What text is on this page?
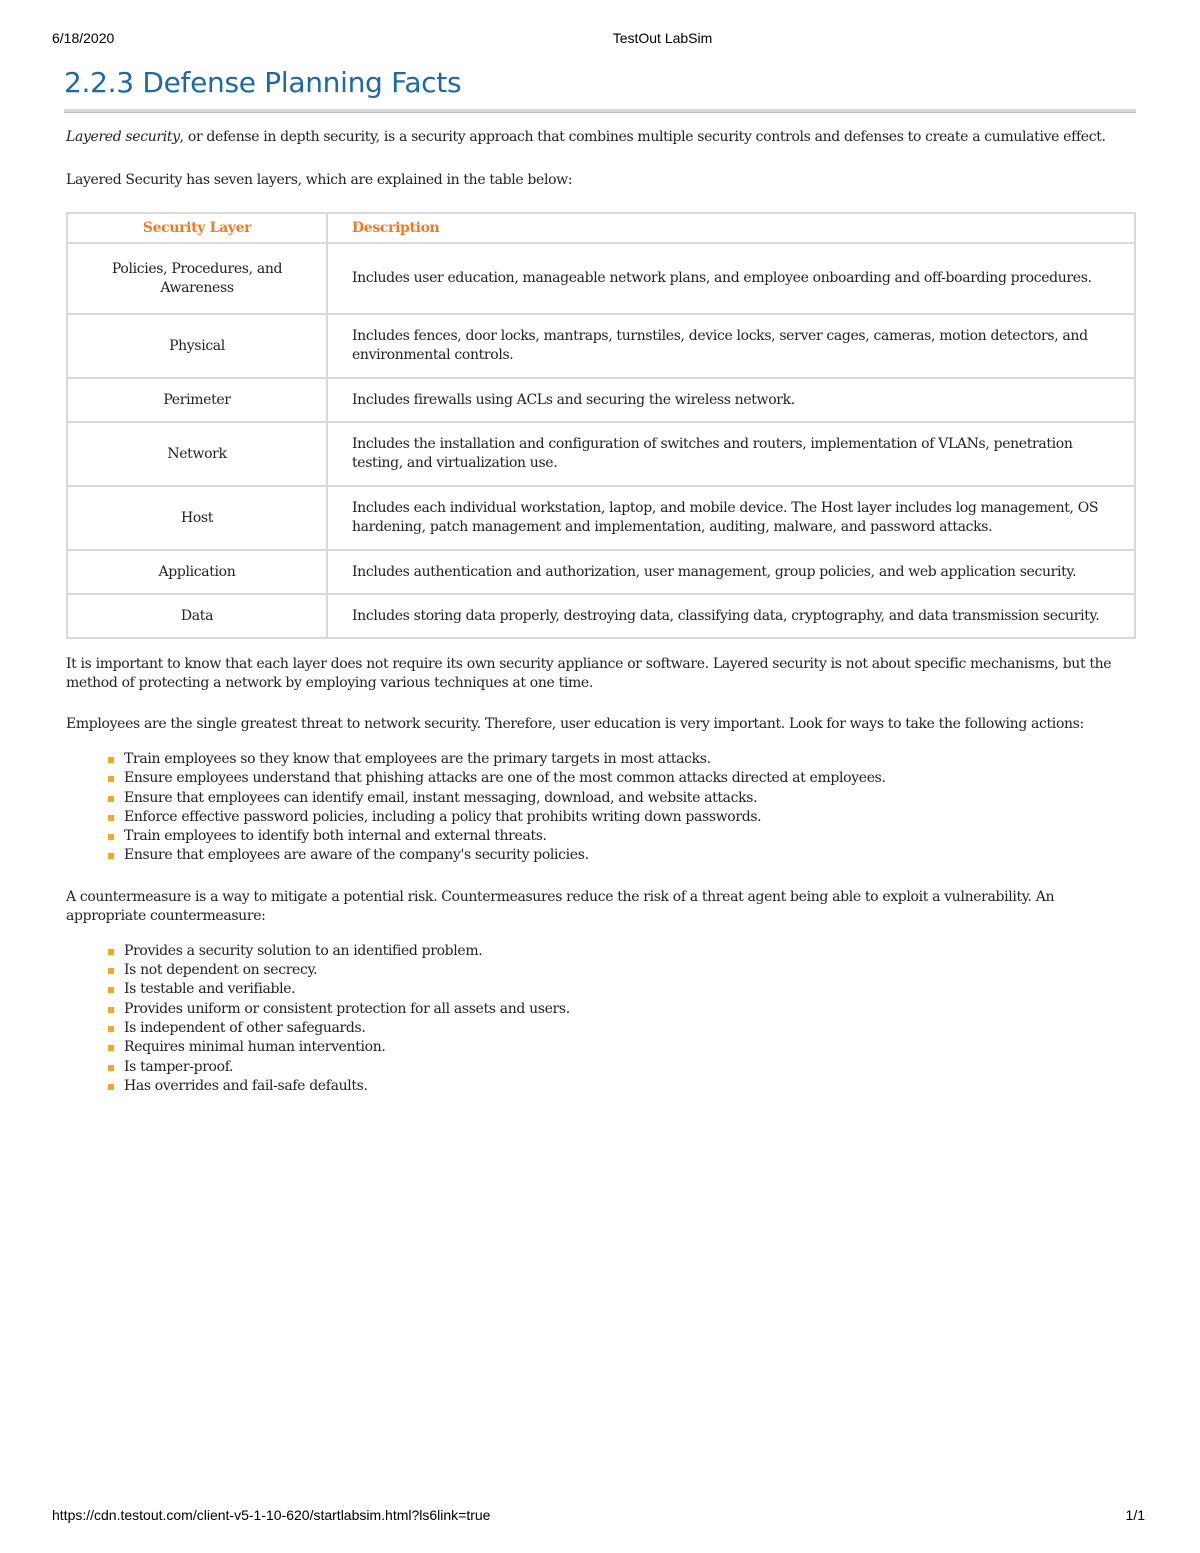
6/18/2020	TestOut LabSim
2.2.3 Defense Planning Facts

Layered security, or defense in depth security, is a security approach that combines multiple security controls and defenses to create a cumulative effect.

Layered Security has seven layers, which are explained in the table below:

Security Layer	Description
Policies, Procedures, and Awareness	Includes user education, manageable network plans, and employee onboarding and off-boarding procedures.
Physical	Includes fences, door locks, mantraps, turnstiles, device locks, server cages, cameras, motion detectors, and environmental controls.
Perimeter	Includes firewalls using ACLs and securing the wireless network.
Network	Includes the installation and configuration of switches and routers, implementation of VLANs, penetration testing, and virtualization use.
Host	Includes each individual workstation, laptop, and mobile device. The Host layer includes log management, OS hardening, patch management and implementation, auditing, malware, and password attacks.
Application	Includes authentication and authorization, user management, group policies, and web application security.
Data	Includes storing data properly, destroying data, classifying data, cryptography, and data transmission security.

It is important to know that each layer does not require its own security appliance or software. Layered security is not about specific mechanisms, but the method of protecting a network by employing various techniques at one time.

Employees are the single greatest threat to network security. Therefore, user education is very important. Look for ways to take the following actions:

Train employees so they know that employees are the primary targets in most attacks.
Ensure employees understand that phishing attacks are one of the most common attacks directed at employees.
Ensure that employees can identify email, instant messaging, download, and website attacks.
Enforce effective password policies, including a policy that prohibits writing down passwords.
Train employees to identify both internal and external threats.
Ensure that employees are aware of the company's security policies.

A countermeasure is a way to mitigate a potential risk. Countermeasures reduce the risk of a threat agent being able to exploit a vulnerability. An appropriate countermeasure:

Provides a security solution to an identified problem.
Is not dependent on secrecy.
Is testable and verifiable.
Provides uniform or consistent protection for all assets and users.
Is independent of other safeguards.
Requires minimal human intervention.
Is tamper-proof.
Has overrides and fail-safe defaults.
https://cdn.testout.com/client-v5-1-10-620/startlabsim.html?ls6link=true	1/1
